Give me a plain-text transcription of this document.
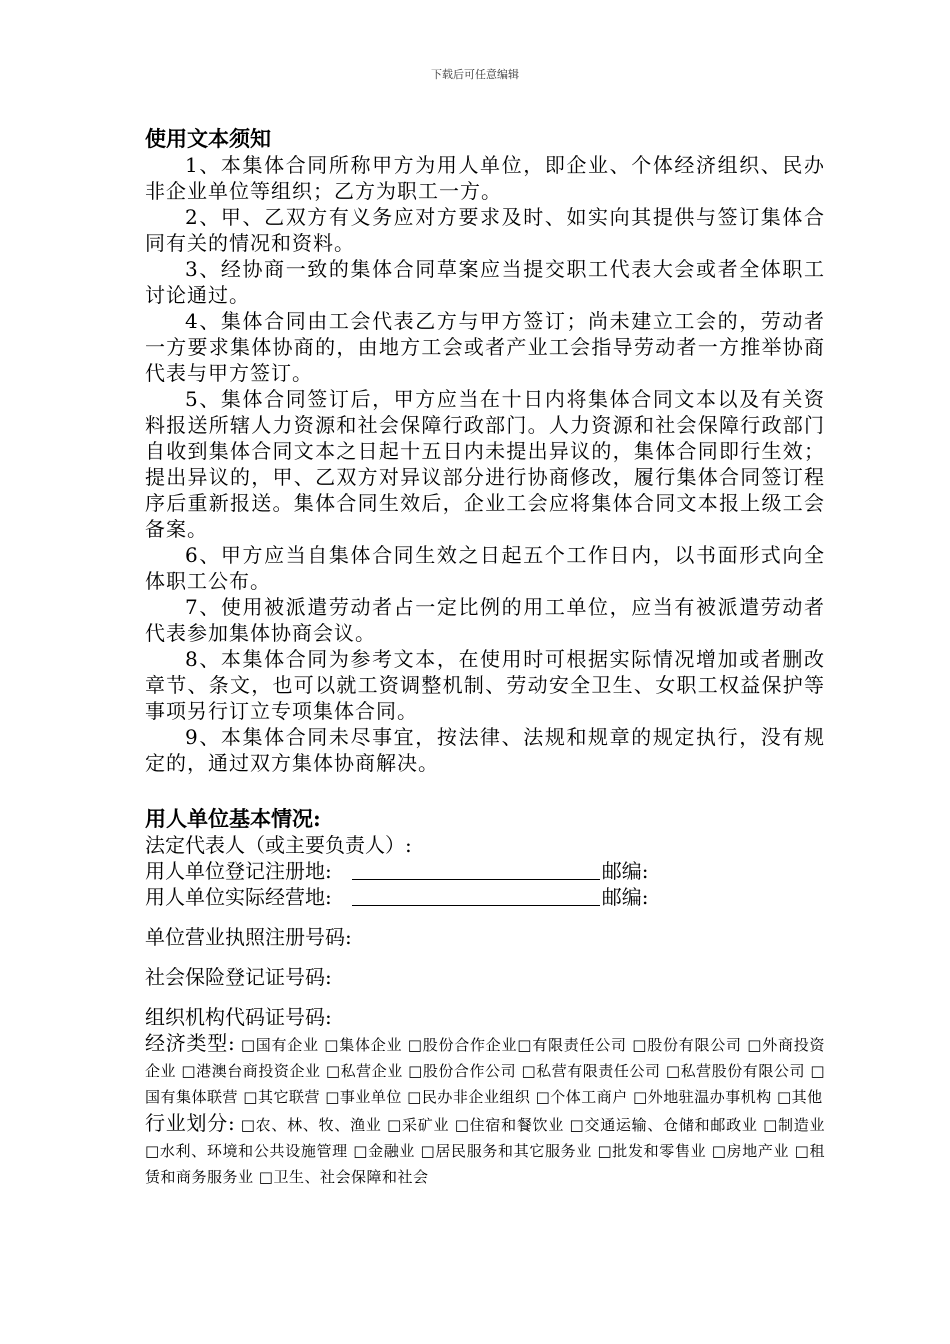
下载后可任意编辑

使用文本须知

1、本集体合同所称甲方为用人单位，即企业、个体经济组织、民办非企业单位等组织；乙方为职工一方。

2、甲、乙双方有义务应对方要求及时、如实向其提供与签订集体合同有关的情况和资料。

3、经协商一致的集体合同草案应当提交职工代表大会或者全体职工讨论通过。

4、集体合同由工会代表乙方与甲方签订；尚未建立工会的，劳动者一方要求集体协商的，由地方工会或者产业工会指导劳动者一方推举协商代表与甲方签订。

5、集体合同签订后，甲方应当在十日内将集体合同文本以及有关资料报送所辖人力资源和社会保障行政部门。人力资源和社会保障行政部门自收到集体合同文本之日起十五日内未提出异议的，集体合同即行生效；提出异议的，甲、乙双方对异议部分进行协商修改，履行集体合同签订程序后重新报送。集体合同生效后，企业工会应将集体合同文本报上级工会备案。

6、甲方应当自集体合同生效之日起五个工作日内，以书面形式向全体职工公布。

7、使用被派遣劳动者占一定比例的用工单位，应当有被派遣劳动者代表参加集体协商会议。

8、本集体合同为参考文本，在使用时可根据实际情况增加或者删改章节、条文，也可以就工资调整机制、劳动安全卫生、女职工权益保护等事项另行订立专项集体合同。

9、本集体合同未尽事宜，按法律、法规和规章的规定执行，没有规定的，通过双方集体协商解决。

用人单位基本情况:

法定代表人（或主要负责人）:

用人单位登记注册地:	邮编:

用人单位实际经营地:	邮编:

单位营业执照注册号码:

社会保险登记证号码:

组织机构代码证号码:

经济类型: □国有企业 □集体企业 □股份合作企业□有限责任公司 □股份有限公司 □外商投资企业 □港澳台商投资企业 □私营企业 □股份合作公司 □私营有限责任公司 □私营股份有限公司 □国有集体联营 □其它联营 □事业单位 □民办非企业组织 □个体工商户 □外地驻温办事机构 □其他

行业划分: □农、林、牧、渔业 □采矿业 □住宿和餐饮业 □交通运输、仓储和邮政业 □制造业 □水利、环境和公共设施管理 □金融业 □居民服务和其它服务业 □批发和零售业 □房地产业 □租赁和商务服务业 □卫生、社会保障和社会
